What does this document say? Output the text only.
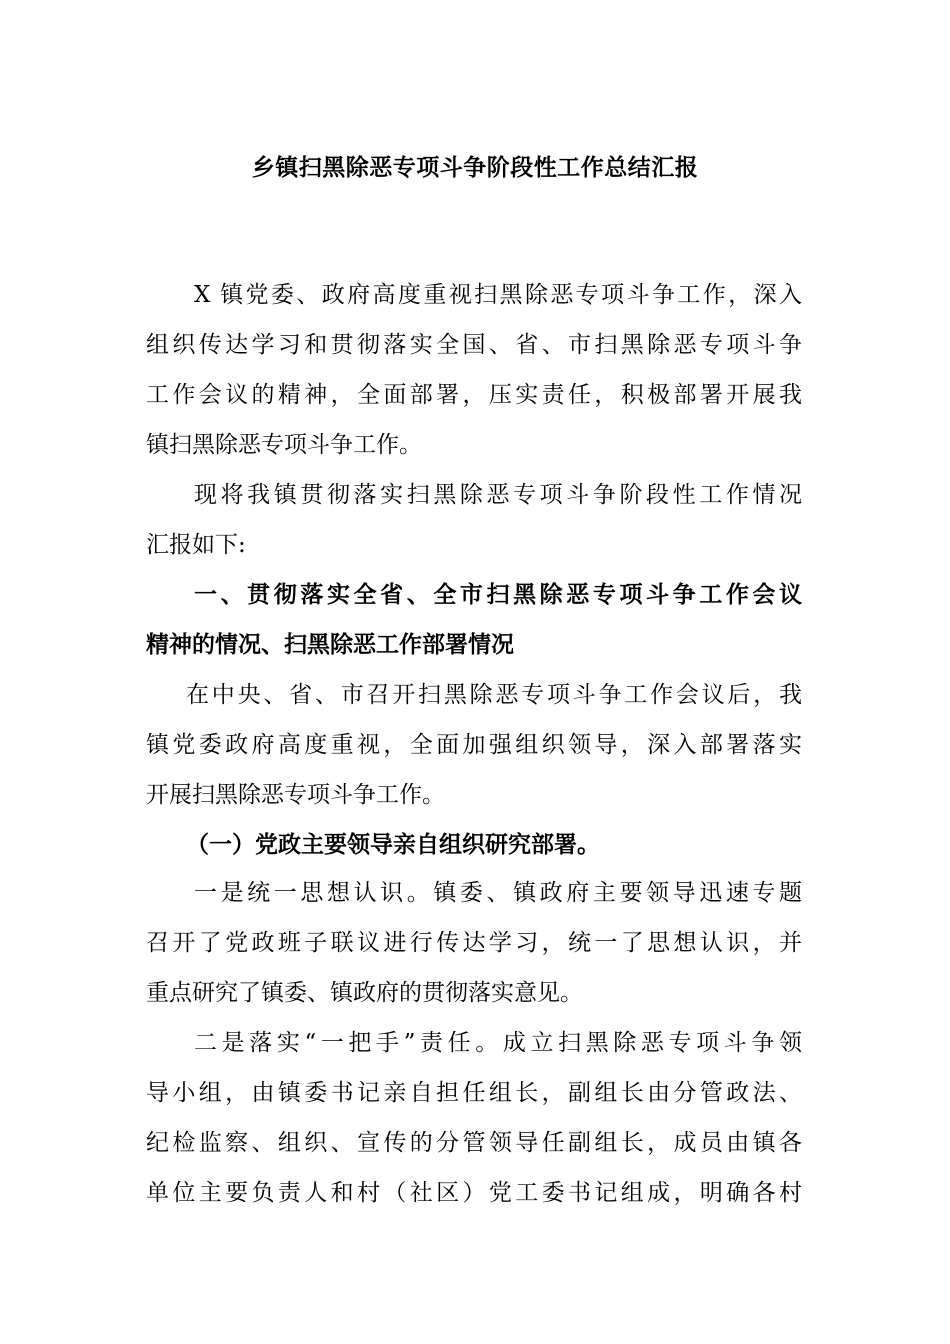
乡镇扫黑除恶专项斗争阶段性工作总结汇报
X 镇党委、政府高度重视扫黑除恶专项斗争工作，深入
组织传达学习和贯彻落实全国、省、市扫黑除恶专项斗争
工作会议的精神，全面部署，压实责任，积极部署开展我
镇扫黑除恶专项斗争工作。
现将我镇贯彻落实扫黑除恶专项斗争阶段性工作情况
汇报如下:
一、贯彻落实全省、全市扫黑除恶专项斗争工作会议
精神的情况、扫黑除恶工作部署情况
在中央、省、市召开扫黑除恶专项斗争工作会议后，我
镇党委政府高度重视，全面加强组织领导，深入部署落实
开展扫黑除恶专项斗争工作。
（一）党政主要领导亲自组织研究部署。
一是统一思想认识。镇委、镇政府主要领导迅速专题
召开了党政班子联议进行传达学习，统一了思想认识，并
重点研究了镇委、镇政府的贯彻落实意见。
二是落实“一把手”责任。成立扫黑除恶专项斗争领
导小组，由镇委书记亲自担任组长，副组长由分管政法、
纪检监察、组织、宣传的分管领导任副组长，成员由镇各
单位主要负责人和村（社区）党工委书记组成，明确各村
